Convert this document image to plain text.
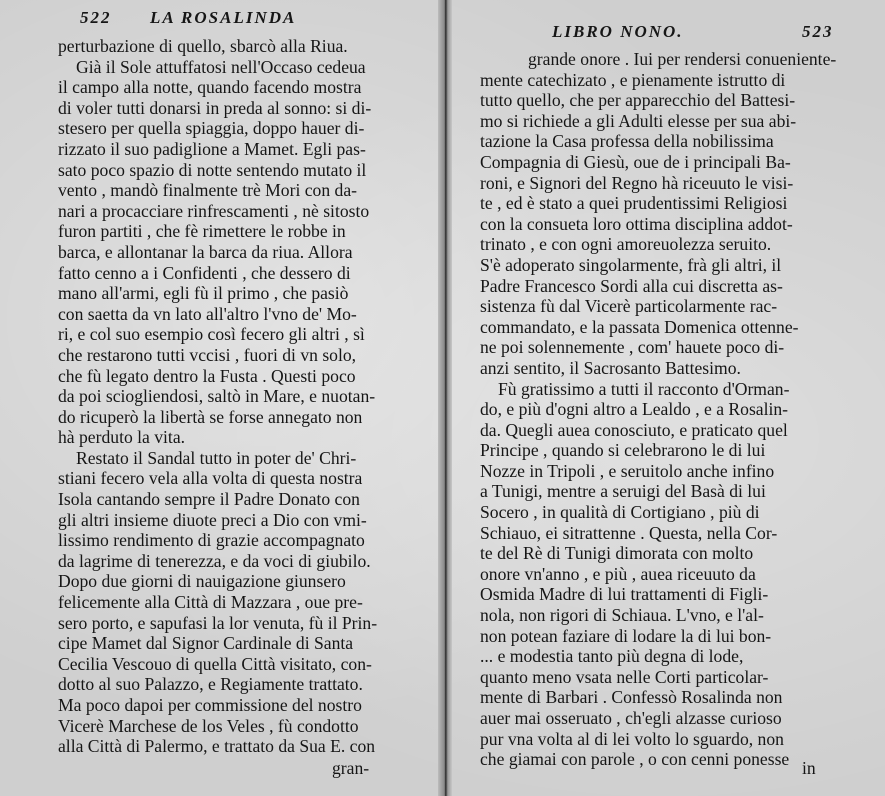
522 LA ROSALINDA
perturbazione di quello, sbarcò alla Riua.
Già il Sole attuffatosi nell'Occaso cedeua
il campo alla notte, quando facendo mostra
di voler tutti donarsi in preda al sonno: si di-
stesero per quella spiaggia, doppo hauer di-
rizzato il suo padiglione a Mamet. Egli pas-
sato poco spazio di notte sentendo mutato il
vento , mandò finalmente trè Mori con da-
nari a procacciare rinfrescamenti , nè sitosto
furon partiti , che fè rimettere le robbe in
barca, e allontanar la barca da riua. Allora
fatto cenno a i Confidenti , che dessero di
mano all'armi, egli fù il primo , che pasiò
con saetta da vn lato all'altro l'vno de' Mo-
ri, e col suo esempio così fecero gli altri , sì
che restarono tutti vccisi , fuori di vn solo,
che fù legato dentro la Fusta . Questi poco
da poi sciogliendosi, saltò in Mare, e nuotan-
do ricuperò la libertà se forse annegato non
hà perduto la vita.
Restato il Sandal tutto in poter de' Chri-
stiani fecero vela alla volta di questa nostra
Isola cantando sempre il Padre Donato con
gli altri insieme diuote preci a Dio con vmi-
lissimo rendimento di grazie accompagnato
da lagrime di tenerezza, e da voci di giubilo.
Dopo due giorni di nauigazione giunsero
felicemente alla Città di Mazzara , oue pre-
sero porto, e sapufasi la lor venuta, fù il Prin-
cipe Mamet dal Signor Cardinale di Santa
Cecilia Vescouo di quella Città visitato, con-
dotto al suo Palazzo, e Regiamente trattato.
Ma poco dapoi per commissione del nostro
Vicerè Marchese de los Veles , fù condotto
alla Città di Palermo, e trattato da Sua E. con
gran-
LIBRO NONO.	523
grande onore . Iui per rendersi conueniente-
mente catechizato , e pienamente istrutto di
tutto quello, che per apparecchio del Battesi-
mo si richiede a gli Adulti elesse per sua abi-
tazione la Casa professa della nobilissima
Compagnia di Giesù, oue de i principali Ba-
roni, e Signori del Regno hà riceuuto le visi-
te , ed è stato a quei prudentissimi Religiosi
con la consueta loro ottima disciplina addot-
trinato , e con ogni amoreuolezza seruito.
S'è adoperato singolarmente, frà gli altri, il
Padre Francesco Sordi alla cui discretta as-
sistenza fù dal Vicerè particolarmente rac-
commandato, e la passata Domenica ottenne-
ne poi solennemente , com' hauete poco di-
anzi sentito, il Sacrosanto Battesimo.
Fù gratissimo a tutti il racconto d'Orman-
do, e più d'ogni altro a Lealdo , e a Rosalin-
da. Quegli auea conosciuto, e praticato quel
Principe , quando si celebrarono le di lui
Nozze in Tripoli , e seruitolo anche infino
a Tunigi, mentre a seruigi del Basà di lui
Socero , in qualità di Cortigiano , più di
Schiauo, ei sitrattenne . Questa, nella Cor-
te del Rè di Tunigi dimorata con molto
onore vn'anno , e più , auea riceuuto da
Osmida Madre di lui trattamenti di Figli-
nola, non rigori di Schiaua. L'vno, e l'al-
non potean faziare di lodare la di lui bon-
... e modestia tanto più degna di lode,
quanto meno vsata nelle Corti particolar-
mente di Barbari . Confessò Rosalinda non
auer mai osseruato , ch'egli alzasse curioso
pur vna volta al di lei volto lo sguardo, non
che giamai con parole , o con cenni ponesse in
